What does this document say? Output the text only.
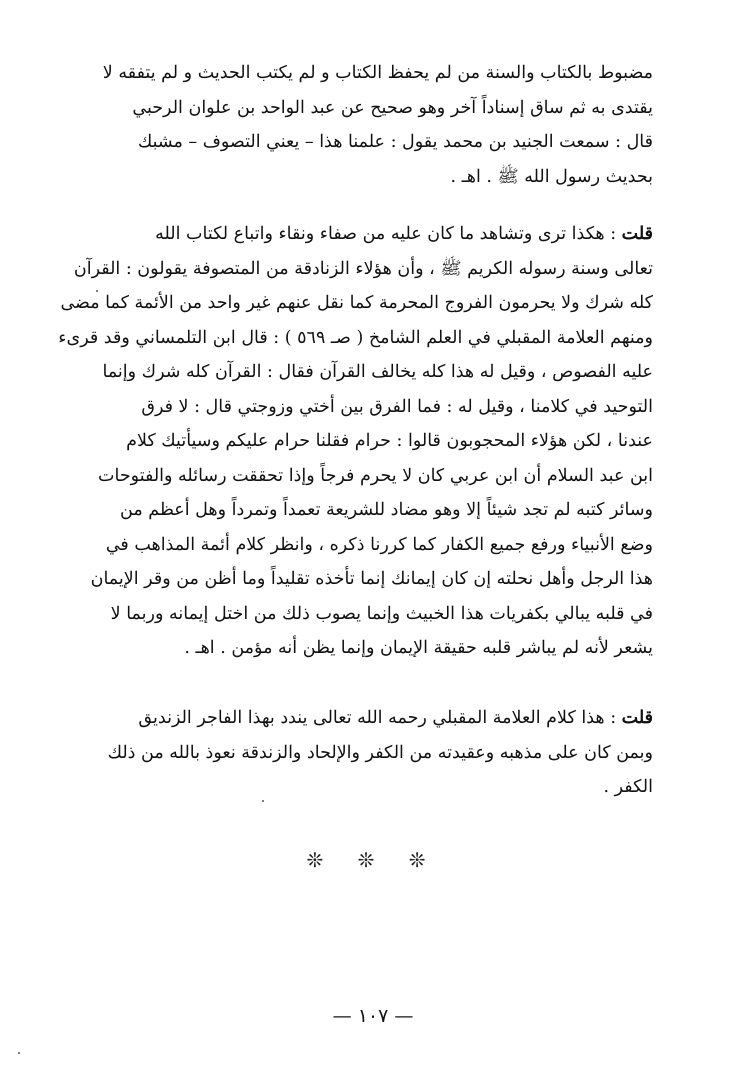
مضبوط بالكتاب والسنة من لم يحفظ الكتاب و لم يكتب الحديث و لم يتفقه لا
يقتدى به ثم ساق إسناداً آخر وهو صحيح عن عبد الواحد بن علوان الرحبي
قال : سمعت الجنيد بن محمد يقول : علمنا هذا – يعني التصوف – مشبك
بحديث رسول الله ﷺ . اهـ .
قلت : هكذا ترى وتشاهد ما كان عليه من صفاء ونقاء واتباع لكتاب الله
تعالى وسنة رسوله الكريم ﷺ ، وأن هؤلاء الزنادقة من المتصوفة يقولون : القرآن
كله شرك ولا يحرمون الفروج المحرمة كما نقل عنهم غير واحد من الأئمة كما مضى
ومنهم العلامة المقبلي في العلم الشامخ ( صـ ٥٦٩ ) : قال ابن التلمساني وقد قرىء
عليه الفصوص ، وقيل له هذا كله يخالف القرآن فقال : القرآن كله شرك وإنما
التوحيد في كلامنا ، وقيل له : فما الفرق بين أختي وزوجتي قال : لا فرق
عندنا ، لكن هؤلاء المحجوبون قالوا : حرام فقلنا حرام عليكم وسيأتيك كلام
ابن عبد السلام أن ابن عربي كان لا يحرم فرجاً وإذا تحققت رسائله والفتوحات
وسائر كتبه لم تجد شيئاً إلا وهو مضاد للشريعة تعمداً وتمرداً وهل أعظم من
وضع الأنبياء ورفع جميع الكفار كما كررنا ذكره ، وانظر كلام أئمة المذاهب في
هذا الرجل وأهل نحلته إن كان إيمانك إنما تأخذه تقليداً وما أظن من وقر الإيمان
في قلبه يبالي بكفريات هذا الخبيث وإنما يصوب ذلك من اختل إيمانه وربما لا
يشعر لأنه لم يباشر قلبه حقيقة الإيمان وإنما يظن أنه مؤمن . اهـ .
قلت : هذا كلام العلامة المقبلي رحمه الله تعالى يندد بهذا الفاجر الزنديق
وبمن كان على مذهبه وعقيدته من الكفر والإلحاد والزندقة نعوذ بالله من ذلك
الكفر .
❊ ❊ ❊
— ١٠٧ —
